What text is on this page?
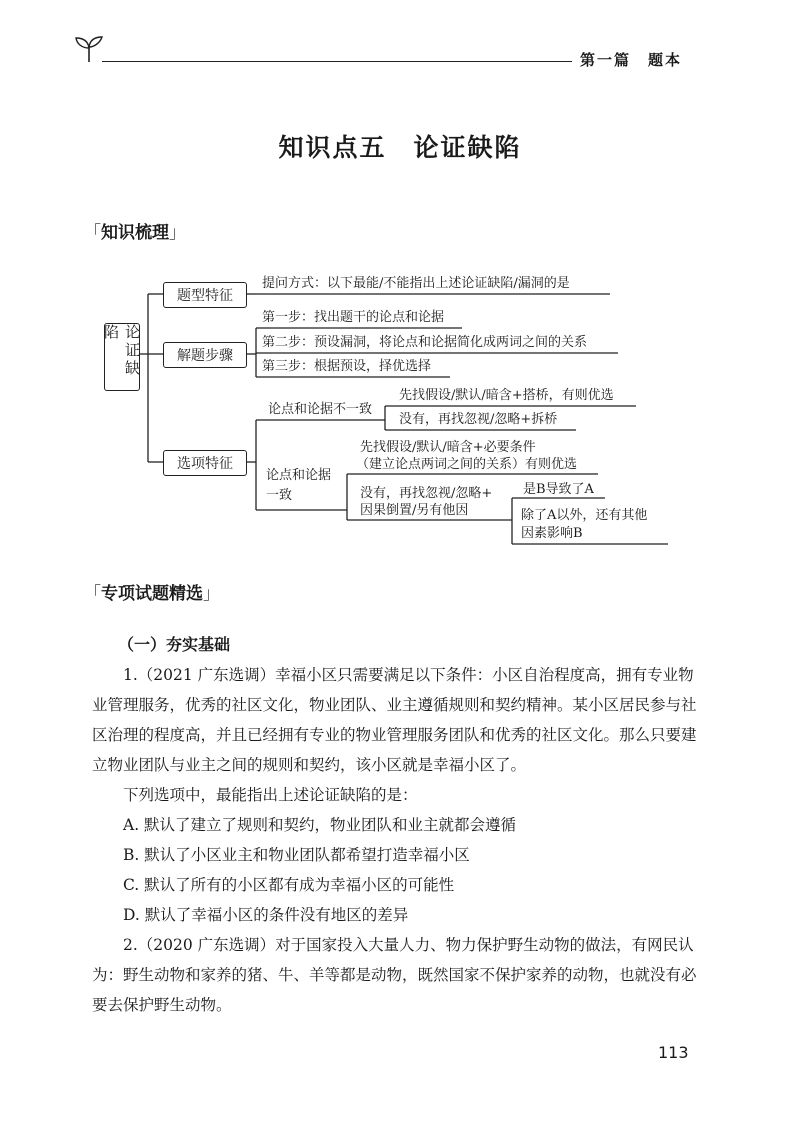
第一篇　题本
知识点五　论证缺陷
「知识梳理」
论证缺陷
题型特征
解题步骤
选项特征
提问方式：以下最能/不能指出上述论证缺陷/漏洞的是
第一步：找出题干的论点和论据
第二步：预设漏洞，将论点和论据简化成两词之间的关系
第三步：根据预设，择优选择
论点和论据不一致
先找假设/默认/暗含+搭桥，有则优选
没有，再找忽视/忽略+拆桥
论点和论据
一致
先找假设/默认/暗含+必要条件
（建立论点两词之间的关系）有则优选
没有，再找忽视/忽略+
因果倒置/另有他因
是B导致了A
除了A以外，还有其他
因素影响B
「专项试题精选」
（一）夯实基础

1.（2021 广东选调）幸福小区只需要满足以下条件：小区自治程度高，拥有专业物业管理服务，优秀的社区文化，物业团队、业主遵循规则和契约精神。某小区居民参与社区治理的程度高，并且已经拥有专业的物业管理服务团队和优秀的社区文化。那么只要建立物业团队与业主之间的规则和契约，该小区就是幸福小区了。

下列选项中，最能指出上述论证缺陷的是：

A. 默认了建立了规则和契约，物业团队和业主就都会遵循

B. 默认了小区业主和物业团队都希望打造幸福小区

C. 默认了所有的小区都有成为幸福小区的可能性

D. 默认了幸福小区的条件没有地区的差异

2.（2020 广东选调）对于国家投入大量人力、物力保护野生动物的做法，有网民认为：野生动物和家养的猪、牛、羊等都是动物，既然国家不保护家养的动物，也就没有必要去保护野生动物。

113
